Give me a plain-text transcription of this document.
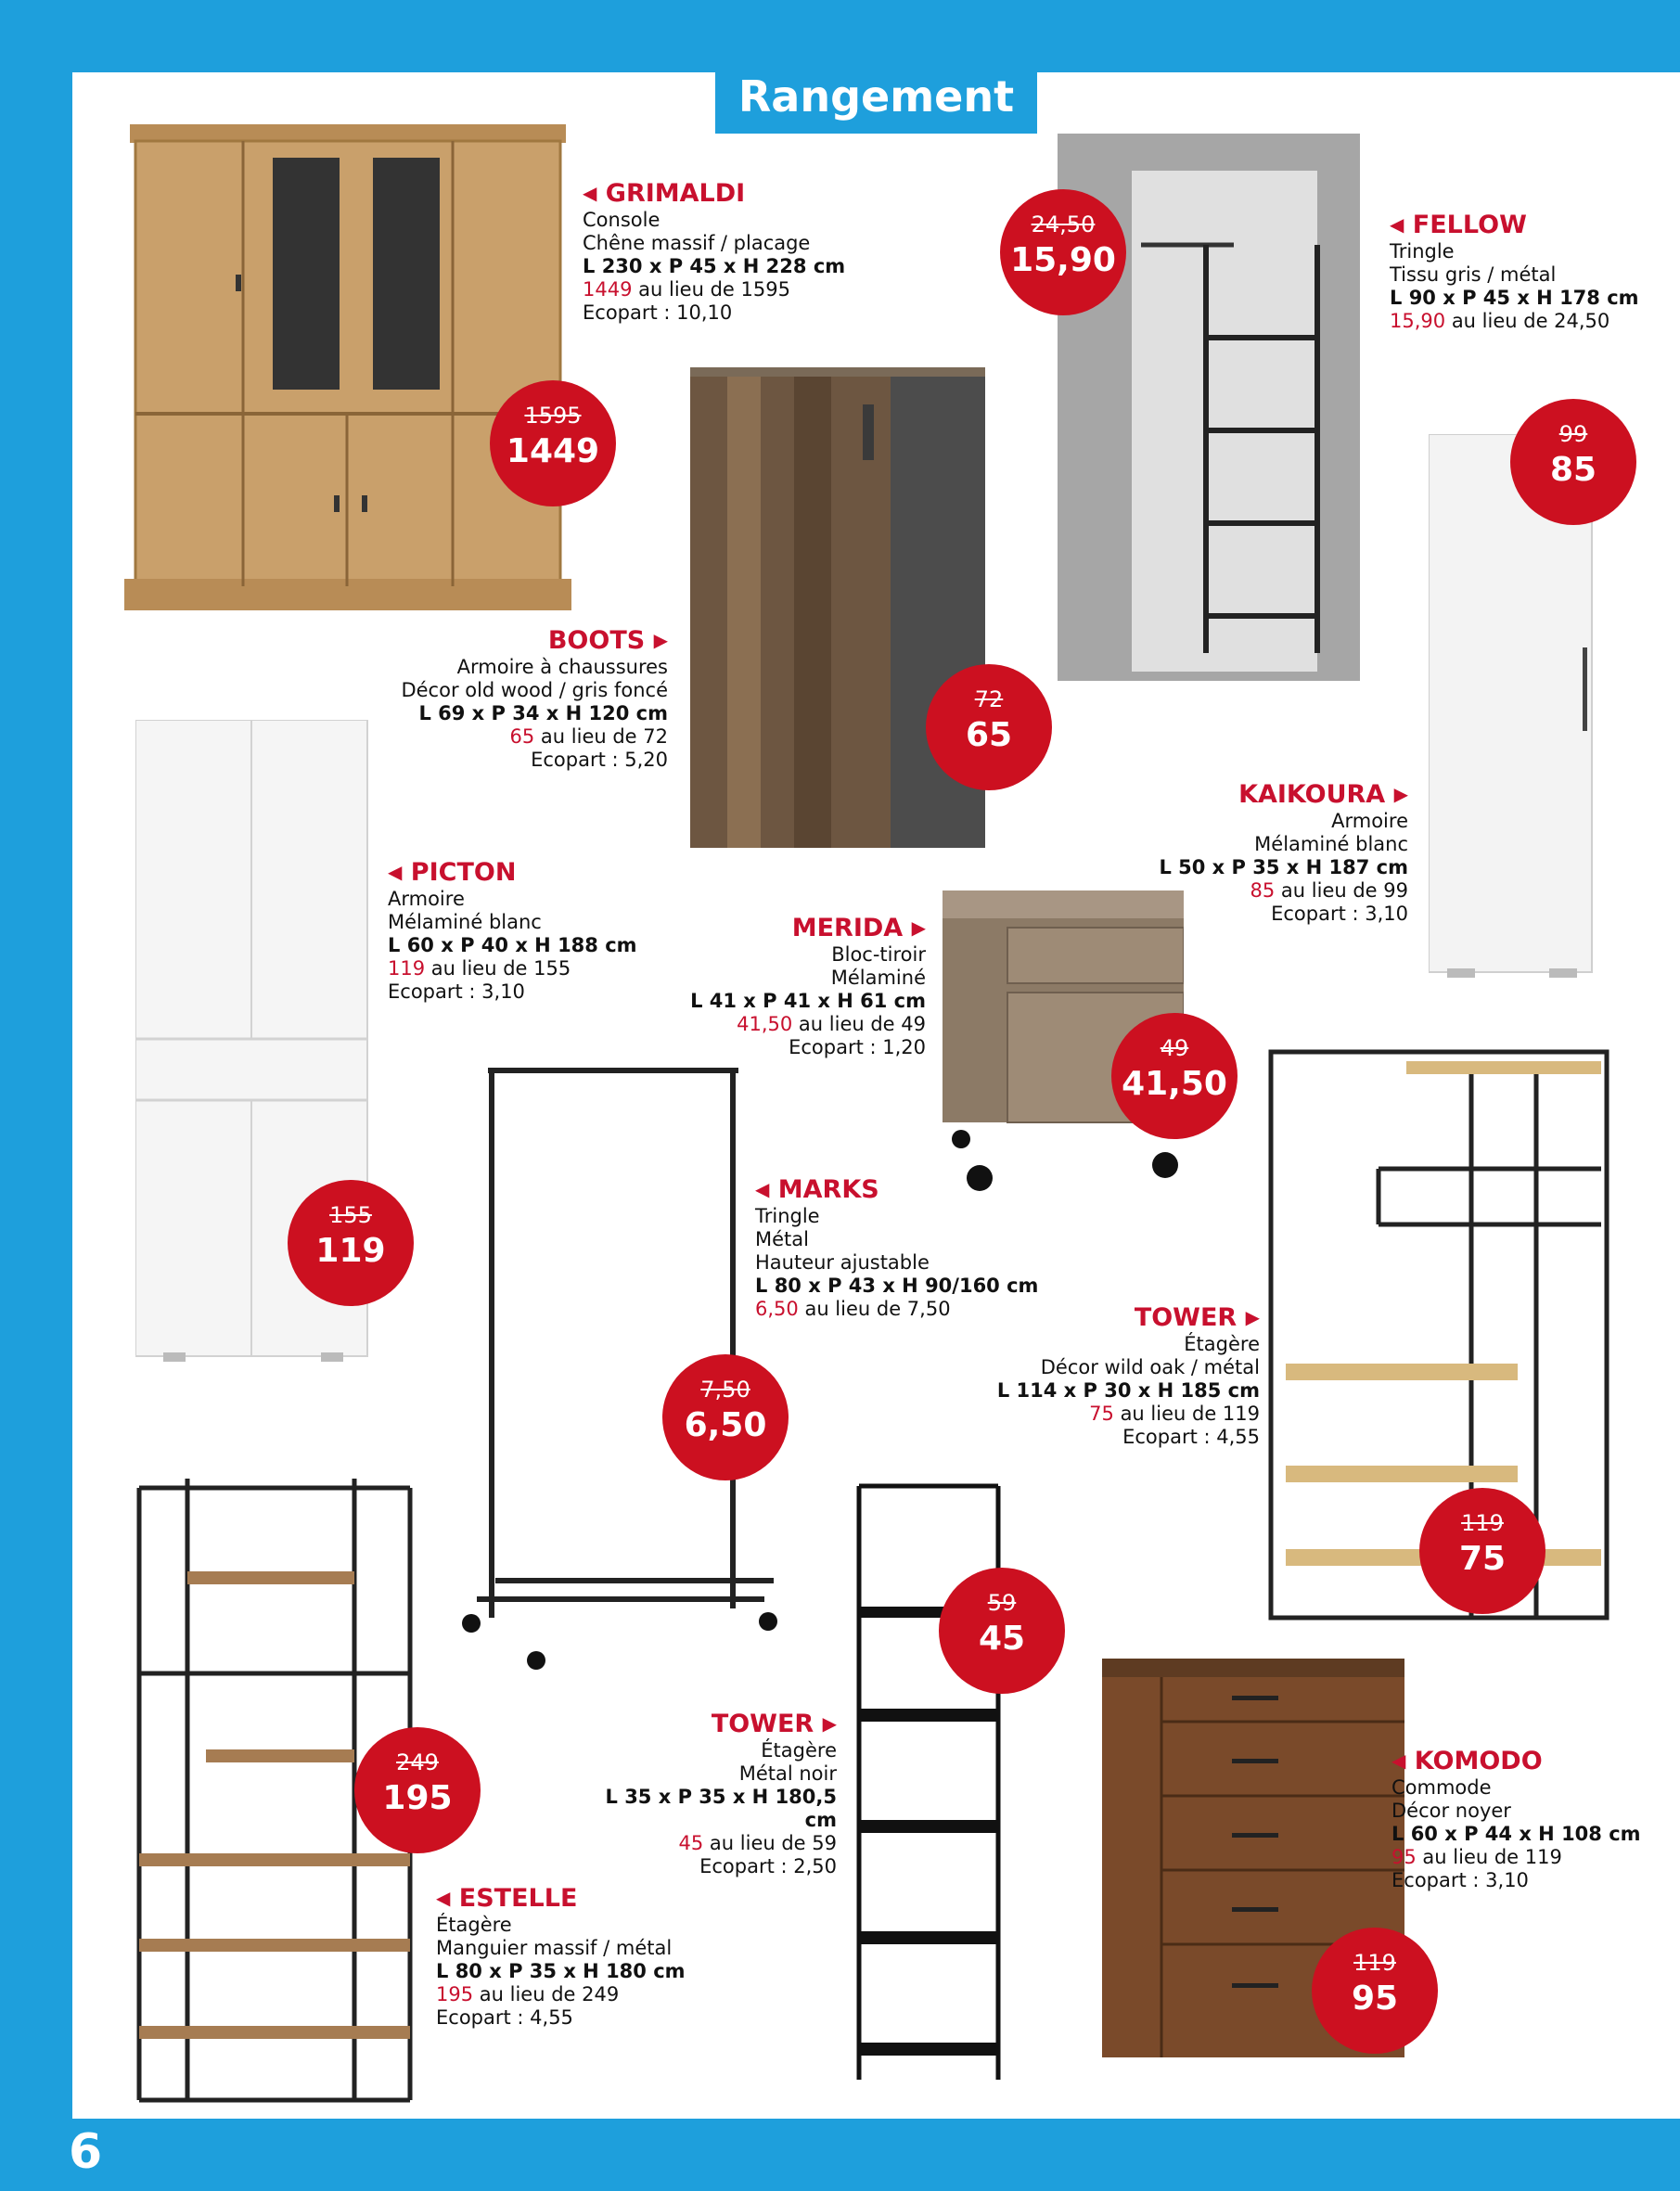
6
Rangement
◀ GRIMALDI
Console
Chêne massif / placage
L 230 x P 45 x H 228 cm
1449 au lieu de 1595
Ecopart : 10,10
◀ FELLOW
Tringle
Tissu gris / métal
L 90 x P 45 x H 178 cm
15,90 au lieu de 24,50
BOOTS ▶
Armoire à chaussures
Décor old wood / gris foncé
L 69 x P 34 x H 120 cm
65 au lieu de 72
Ecopart : 5,20
KAIKOURA ▶
Armoire
Mélaminé blanc
L 50 x P 35 x H 187 cm
85 au lieu de 99
Ecopart : 3,10
◀ PICTON
Armoire
Mélaminé blanc
L 60 x P 40 x H 188 cm
119 au lieu de 155
Ecopart : 3,10
MERIDA ▶
Bloc-tiroir
Mélaminé
L 41 x P 41 x H 61 cm
41,50 au lieu de 49
Ecopart : 1,20
◀ MARKS
Tringle
Métal
Hauteur ajustable
L 80 x P 43 x H 90/160 cm
6,50 au lieu de 7,50	TOWER ▶
Étagère
Décor wild oak / métal
L 114 x P 30 x H 185 cm
75 au lieu de 119
Ecopart : 4,55
TOWER ▶
Étagère
Métal noir
L 35 x P 35 x H 180,5 cm
45 au lieu de 59
Ecopart : 2,50
◀ ESTELLE
Étagère
Manguier massif / métal
L 80 x P 35 x H 180 cm
195 au lieu de 249
Ecopart : 4,55
◀ KOMODO
Commode
Décor noyer
L 60 x P 44 x H 108 cm
95 au lieu de 119
Ecopart : 3,10
1595
1449
24,50
15,90
99
85
72
65
49
41,50
155
119
7,50
6,50
119
75
59
45
249
195
119
95
